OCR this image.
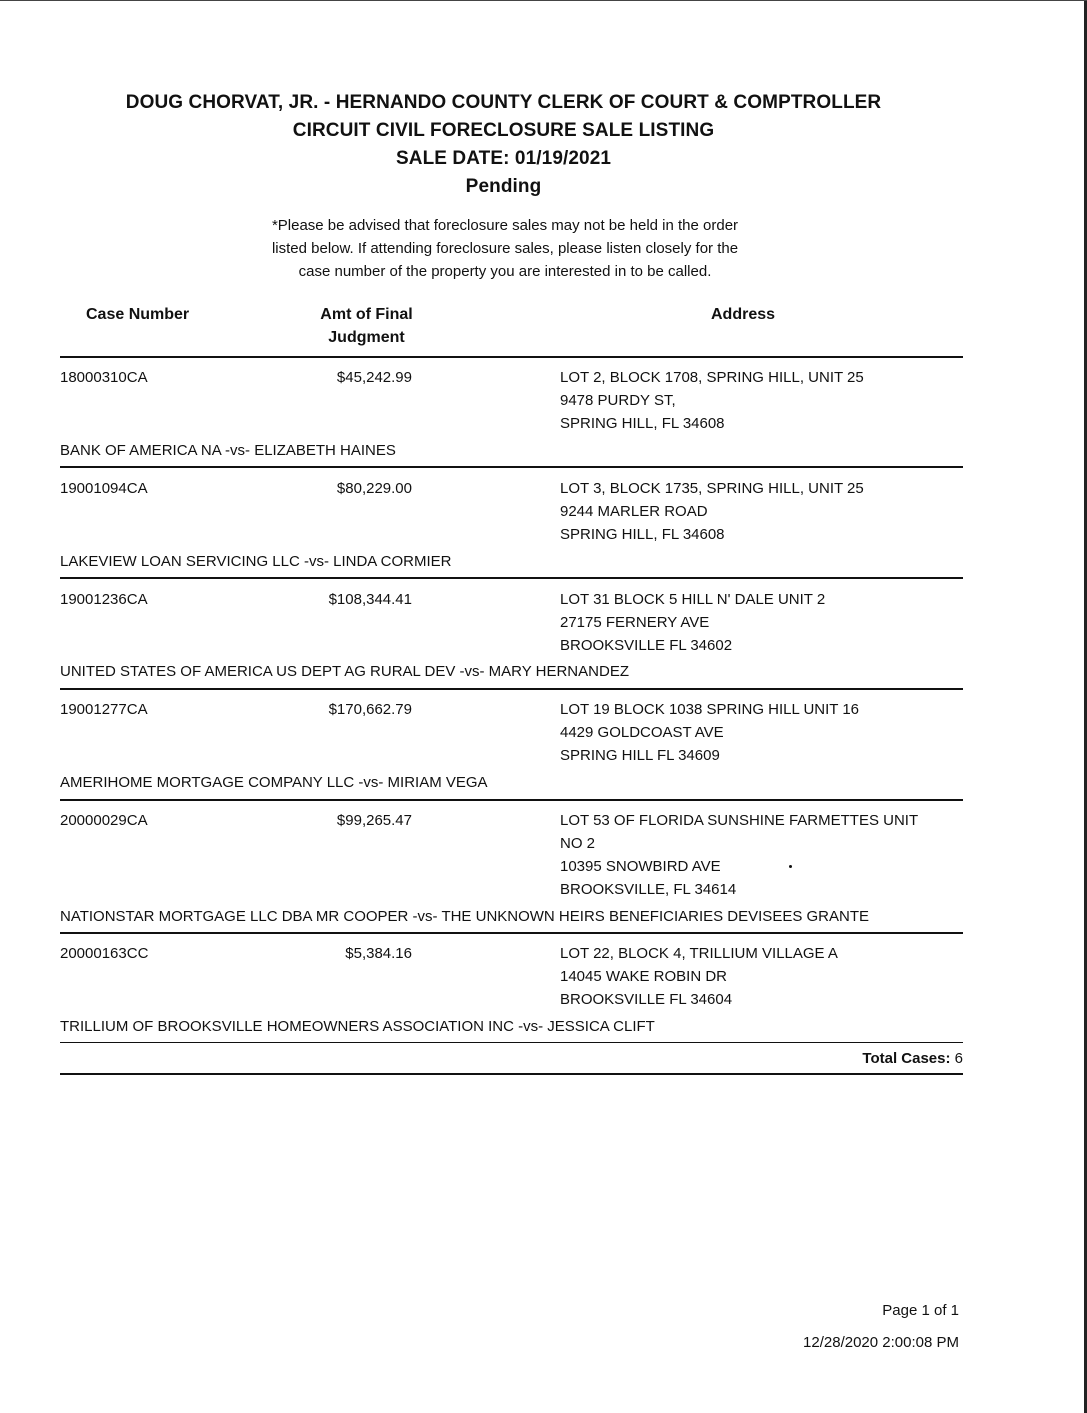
DOUG CHORVAT, JR. - HERNANDO COUNTY CLERK OF COURT & COMPTROLLER
CIRCUIT CIVIL FORECLOSURE SALE LISTING
SALE DATE: 01/19/2021
Pending
*Please be advised that foreclosure sales may not be held in the order
listed below. If attending foreclosure sales, please listen closely for the
case number of the property you are interested in to be called.
Case Number	Amt of Final
Judgment
Address
18000310CA	$45,242.99	LOT 2, BLOCK 1708, SPRING HILL, UNIT 25
9478 PURDY ST,
SPRING HILL, FL 34608
BANK OF AMERICA NA -vs- ELIZABETH HAINES
19001094CA	$80,229.00	LOT 3, BLOCK 1735, SPRING HILL, UNIT 25
9244 MARLER ROAD
SPRING HILL, FL 34608
LAKEVIEW LOAN SERVICING LLC -vs- LINDA CORMIER
19001236CA	$108,344.41	LOT 31 BLOCK 5 HILL N' DALE UNIT 2
27175 FERNERY AVE
BROOKSVILLE FL 34602
UNITED STATES OF AMERICA US DEPT AG RURAL DEV -vs- MARY HERNANDEZ
19001277CA	$170,662.79	LOT 19 BLOCK 1038 SPRING HILL UNIT 16
4429 GOLDCOAST AVE
SPRING HILL FL 34609
AMERIHOME MORTGAGE COMPANY LLC -vs- MIRIAM VEGA
20000029CA	$99,265.47	LOT 53 OF FLORIDA SUNSHINE FARMETTES UNIT
NO 2
10395 SNOWBIRD AVE
BROOKSVILLE, FL 34614
NATIONSTAR MORTGAGE LLC DBA MR COOPER -vs- THE UNKNOWN HEIRS BENEFICIARIES DEVISEES GRANTE
20000163CC	$5,384.16	LOT 22, BLOCK 4, TRILLIUM VILLAGE A
14045 WAKE ROBIN DR
BROOKSVILLE FL 34604
TRILLIUM OF BROOKSVILLE HOMEOWNERS ASSOCIATION INC -vs- JESSICA CLIFT
Total Cases: 6
Page 1 of 1
12/28/2020 2:00:08 PM
